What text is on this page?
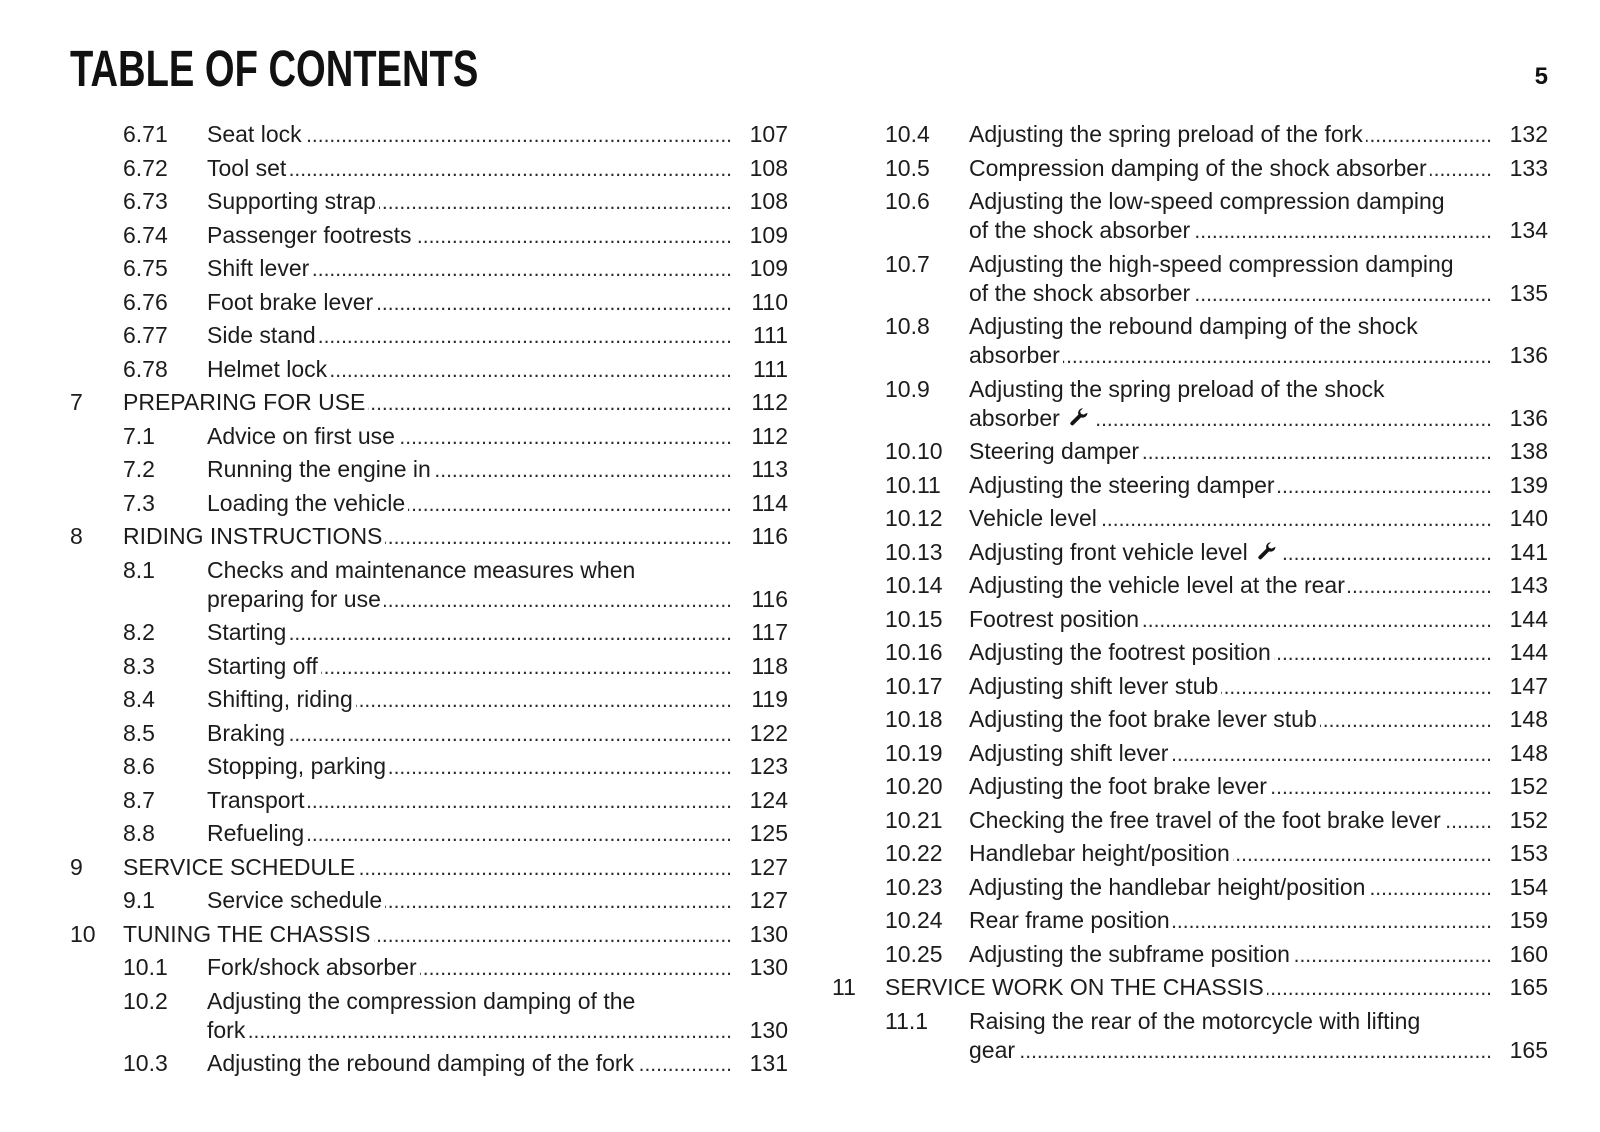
TABLE OF CONTENTS	5
6.71	Seat lock .....	107
6.72	Tool set .....	108
6.73	Supporting strap .....	108
6.74	Passenger footrests .....	109
6.75	Shift lever .....	109
6.76	Foot brake lever .....	110
6.77	Side stand .....	111
6.78	Helmet lock .....	111
7	PREPARING FOR USE .....	112
7.1	Advice on first use .....	112
7.2	Running the engine in .....	113
7.3	Loading the vehicle .....	114
8	RIDING INSTRUCTIONS .....	116
8.1	Checks and maintenance measures when
preparing for use .....	116
8.2	Starting .....	117
8.3	Starting off .....	118
8.4	Shifting, riding .....	119
8.5	Braking .....	122
8.6	Stopping, parking .....	123
8.7	Transport .....	124
8.8	Refueling .....	125
9	SERVICE SCHEDULE .....	127
9.1	Service schedule .....	127
10	TUNING THE CHASSIS .....	130
10.1	Fork/shock absorber .....	130
10.2	Adjusting the compression damping of the
fork .....	130
10.3	Adjusting the rebound damping of the fork .....	131
10.4	Adjusting the spring preload of the fork .....	132
10.5	Compression damping of the shock absorber .....	133
10.6	Adjusting the low-speed compression damping
of the shock absorber .....	134
10.7	Adjusting the high-speed compression damping
of the shock absorber .....	135
10.8	Adjusting the rebound damping of the shock
absorber .....	136
10.9	Adjusting the spring preload of the shock
absorber .....	136
10.10	Steering damper .....	138
10.11	Adjusting the steering damper .....	139
10.12	Vehicle level .....	140
10.13	Adjusting front vehicle level .....	141
10.14	Adjusting the vehicle level at the rear .....	143
10.15	Footrest position .....	144
10.16	Adjusting the footrest position .....	144
10.17	Adjusting shift lever stub .....	147
10.18	Adjusting the foot brake lever stub .....	148
10.19	Adjusting shift lever .....	148
10.20	Adjusting the foot brake lever .....	152
10.21	Checking the free travel of the foot brake lever .....	152
10.22	Handlebar height/position .....	153
10.23	Adjusting the handlebar height/position .....	154
10.24	Rear frame position .....	159
10.25	Adjusting the subframe position .....	160
11	SERVICE WORK ON THE CHASSIS .....	165
11.1	Raising the rear of the motorcycle with lifting
gear .....	165
